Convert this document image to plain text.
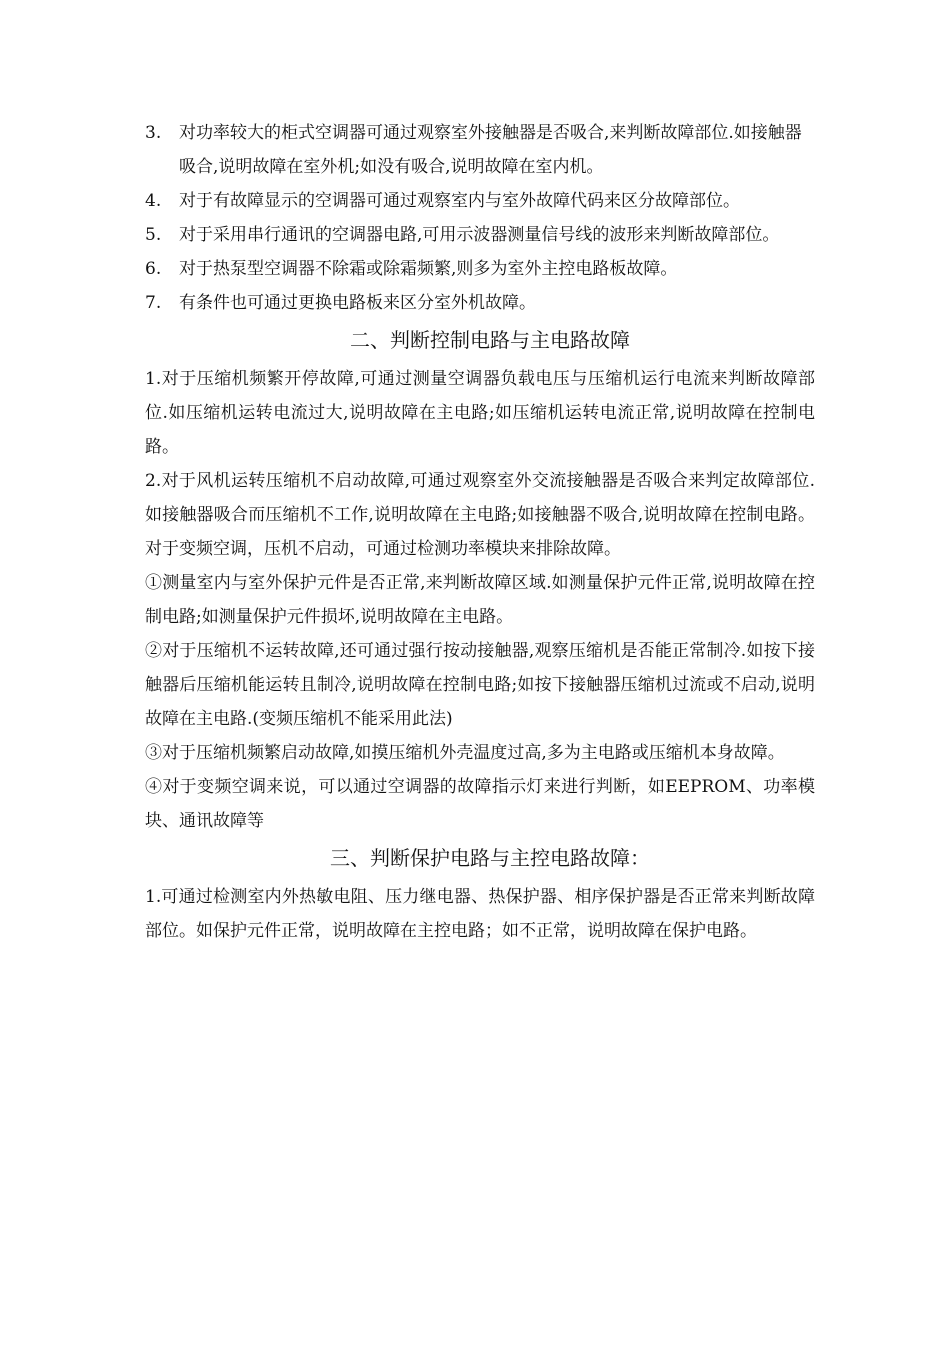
3. 对功率较大的柜式空调器可通过观察室外接触器是否吸合,来判断故障部位.如接触器吸合,说明故障在室外机;如没有吸合,说明故障在室内机。
4. 对于有故障显示的空调器可通过观察室内与室外故障代码来区分故障部位。
5. 对于采用串行通讯的空调器电路,可用示波器测量信号线的波形来判断故障部位。
6. 对于热泵型空调器不除霜或除霜频繁,则多为室外主控电路板故障。
7. 有条件也可通过更换电路板来区分室外机故障。
二、判断控制电路与主电路故障
1.对于压缩机频繁开停故障,可通过测量空调器负载电压与压缩机运行电流来判断故障部位.如压缩机运转电流过大,说明故障在主电路;如压缩机运转电流正常,说明故障在控制电路。
2.对于风机运转压缩机不启动故障,可通过观察室外交流接触器是否吸合来判定故障部位.如接触器吸合而压缩机不工作,说明故障在主电路;如接触器不吸合,说明故障在控制电路。对于变频空调，压机不启动，可通过检测功率模块来排除故障。
①测量室内与室外保护元件是否正常,来判断故障区域.如测量保护元件正常,说明故障在控制电路;如测量保护元件损坏,说明故障在主电路。
②对于压缩机不运转故障,还可通过强行按动接触器,观察压缩机是否能正常制冷.如按下接触器后压缩机能运转且制冷,说明故障在控制电路;如按下接触器压缩机过流或不启动,说明故障在主电路.(变频压缩机不能采用此法)
③对于压缩机频繁启动故障,如摸压缩机外壳温度过高,多为主电路或压缩机本身故障。
④对于变频空调来说，可以通过空调器的故障指示灯来进行判断，如EEPROM、功率模块、通讯故障等
三、判断保护电路与主控电路故障：
1.可通过检测室内外热敏电阻、压力继电器、热保护器、相序保护器是否正常来判断故障部位。如保护元件正常，说明故障在主控电路；如不正常，说明故障在保护电路。
